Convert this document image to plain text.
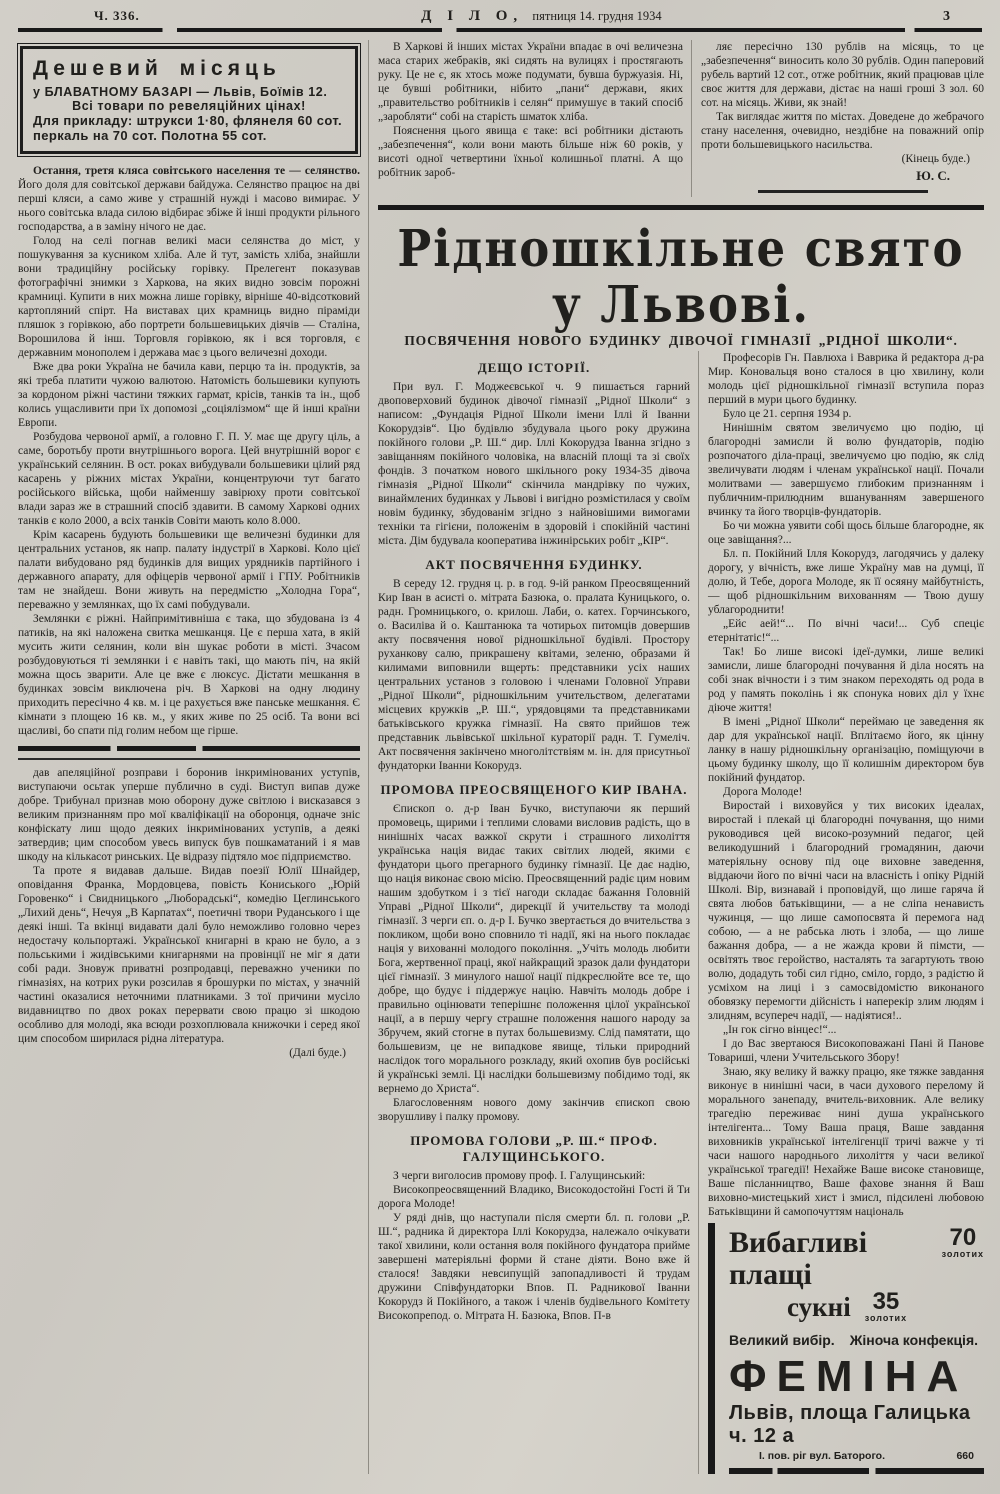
Ч. 336.	Д І Л О, пятниця 14. грудня 1934	3
Дешевий місяць
у БЛАВАТНОМУ БАЗАРІ — Львів, Боїмів 12.
Всі товари по ревеляційних цінах!
Для прикладу: штрукси 1·80, флянеля 60 сот.
перкаль на 70 сот. Полотна 55 сот.

Остання, третя кляса совітського населення те — селянство. Його доля для совітської держави байдужа. Селянство працює на дві перші кляси, а само живе у страшній нужді і масово вимирає. У нього совітська влада силою відбирає збіже й інші продукти рільного господарства, а в заміну нічого не дає.

Голод на селі погнав великі маси селянства до міст, у пошукування за кусником хліба. Але й тут, замість хліба, знайшли вони традиційну російську горівку. Прелегент показував фотографічні знимки з Харкова, на яких видно зовсім порожні крамниці. Купити в них можна лише горівку, вірніше 40-відсотковий картопляний спірт. На виставах цих крамниць видно піраміди пляшок з горівкою, або портрети большевицьких діячів — Сталіна, Ворошилова й інш. Торговля горівкою, як і вся торговля, є державним монополем і держава має з цього величезні доходи.

Вже два роки Україна не бачила кави, перцю та ін. продуктів, за які треба платити чужою валютою. Натомість большевики купують за кордоном ріжні частини тяжких гармат, крісів, танків та ін., щоб колись ущасливити при їх допомозі „соціялізмом“ ще й інші країни Европи.

Розбудова червоної армії, а головно Г. П. У. має ще другу ціль, а саме, боротьбу проти внутрішнього ворога. Цей внутрішній ворог є український селянин. В ост. роках вибудували большевики цілий ряд касарень у ріжних містах України, концентруючи тут багато російського війська, щоби найменшу завірюху проти совітської влади зараз же в страшний спосіб здавити. В самому Харкові одних танків є коло 2000, а всіх танків Совіти мають коло 8.000.

Крім касарень будують большевики ще величезні будинки для центральних установ, як напр. палату індустрії в Харкові. Коло цієї палати вибудовано ряд будинків для вищих урядників партійного і державного апарату, для офіцерів червоної армії і ГПУ. Робітників там не знайдеш. Вони живуть на передмістю „Холодна Гора“, переважно у землянках, що їх самі побудували.

Землянки є ріжні. Найпримітивніша є така, що збудована із 4 патиків, на які наложена свитка мешканця. Це є перша хата, в якій мусить жити селянин, коли він шукає роботи в місті. Зчасом розбудовуються ті землянки і є навіть такі, що мають піч, на якій можна щось зварити. Але це вже є люксус. Дістати мешкання в будинках зовсім виключена річ. В Харкові на одну людину приходить пересічно 4 кв. м. і це рахується вже панське мешкання. Є кімнати з площею 16 кв. м., у яких живе по 25 осіб. Та вони всі щасливі, бо спати під голим небом ще гірше.

дав апеляційної розправи і боронив інкримінованих уступів, виступаючи осьтак уперше публично в суді. Виступ випав дуже добре. Трибунал признав мою оборону дуже світлою і висказався з великим признанням про мої кваліфікації на оборонця, одначе зніс конфіскату лиш щодо деяких інкримінованих уступів, а деякі затвердив; цим способом увесь випуск був пошкаматаний і я мав шкоду на кількасот ринських. Це відразу підтяло моє підприємство.

Та проте я видавав дальше. Видав поезії Юлії Шнайдер, оповідання Франка, Мордовцева, повість Кониського „Юрій Горовенко“ і Свидницького „Люборадські“, комедію Цеглинського „Лихий день“, Нечуя „В Карпатах“, поетичні твори Руданського і ще деякі інші. Та вкінці видавати далі було неможливо головно через недостачу кольпортажі. Української книгарні в краю не було, а з польськими і жидівськими книгарнями на провінції не міг я дати собі ради. Зновуж приватні розпродавці, переважно ученики по гімназіях, на котрих руки розсилав я брошурки по містах, у значній частині оказалися неточними платниками. З тої причини мусіло видавництво по двох роках перервати свою працю зі шкодою особливо для молоді, яка всюди розхоплювала книжочки і серед якої цим способом ширилася рідна література.

(Далі буде.)

В Харкові й інших містах України впадає в очі величезна маса старих жебраків, які сидять на вулицях і простягають руку. Це не є, як хтось може подумати, бувша буржуазія. Ні, це бувші робітники, нібито „пани“ держави, яких „правительство робітників і селян“ примушує в такий спосіб „заробляти“ собі на старість шматок хліба.

Пояснення цього явища є таке: всі робітники дістають „забезпечення“, коли вони мають більше ніж 60 років, у висоті одної четвертини їхньої колишньої платні. А що робітник зароб-

ляє пересічно 130 рублів на місяць, то це „забезпечення“ виносить коло 30 рублів. Один паперовий рубель вартий 12 сот., отже робітник, який працював ціле своє життя для держави, дістає на наші гроші 3 зол. 60 сот. на місяць. Живи, як знай!

Так виглядає життя по містах. Доведене до жебрачого стану населення, очевидно, нездібне на поважний опір проти большевицького насильства.

(Кінець буде.)
Ю. С.
Рідношкільне свято у Львові.
ПОСВЯЧЕННЯ НОВОГО БУДИНКУ ДІВОЧОЇ ГІМНАЗІЇ „РІДНОЇ ШКОЛИ“.
ДЕЩО ІСТОРІЇ.

При вул. Г. Моджеєвської ч. 9 пишається гарний двоповерховий будинок дівочої гімназії „Рідної Школи“ з написом: „Фундація Рідної Школи імени Іллі й Іванни Кокорудзів“. Цю будівлю збудувала цього року дружина покійного голови „Р. Ш.“ дир. Іллі Кокорудза Іванна згідно з завіщанням покійного чоловіка, на власній площі та зі своїх фондів. З початком нового шкільного року 1934-35 дівоча гімназія „Рідної Школи“ скінчила мандрівку по чужих, винаймлених будинках у Львові і вигідно розмістилася у своїм новім будинку, збудованім згідно з найновішими вимогами техніки та гігієни, положенім в здоровій і спокійній частині міста. Дім будувала кооператива інжинірських робіт „КІР“.

АКТ ПОСВЯЧЕННЯ БУДИНКУ.

В середу 12. грудня ц. р. в год. 9-ій ранком Преосвященний Кир Іван в асисті о. мітрата Базюка, о. пралата Куницького, о. радн. Громницького, о. крилош. Лаби, о. катех. Горчинського, о. Василіва й о. Каштанюка та чотирьох питомців довершив акту посвячення нової рідношкільної будівлі. Простору руханкову салю, прикрашену квітами, зеленю, образами й килимами виповнили вщерть: представники усіх наших центральних установ з головою і членами Головної Управи „Рідної Школи“, рідношкільним учительством, делегатами місцевих кружків „Р. Ш.“, урядовцями та представниками батьківського кружка гімназії. На свято прийшов теж представник львівської шкільної кураторії радн. Т. Гумеліч. Акт посвячення закінчено многолітствіям м. ін. для присутньої фундаторки Іванни Кокорудз.

ПРОМОВА ПРЕОСВЯЩЕНОГО КИР ІВАНА.

Єпископ о. д-р Іван Бучко, виступаючи як перший промовець, щирими і теплими словами висловив радість, що в нинішніх часах важкої скрути і страшного лихоліття українська нація видає таких світлих людей, якими є фундатори цього прегарного будинку гімназії. Це дає надію, що нація виконає свою місію. Преосвященний радіє цим новим нашим здобутком і з тієї нагоди складає бажання Головній Управі „Рідної Школи“, дирекції й учительству та молоді гімназії. З черги єп. о. д-р І. Бучко звертається до вчительства з покликом, щоби воно сповнило ті надії, які на нього покладає нація у вихованні молодого покоління. „Учіть молодь любити Бога, жертвенної праці, якої найкращий зразок дали фундатори цієї гімназії. З минулого нашої нації підкреслюйте все те, що добре, що будує і піддержує націю. Навчіть молодь добре і правильно оцінювати теперішнє положення цілої української нації, а в першу чергу страшне положення нашого народу за Збручем, який стогне в путах большевизму. Слід памятати, що большевизм, це не випадкове явище, тільки природний наслідок того морального розкладу, який охопив був російські й українські землі. Ці наслідки большевизму побідимо тоді, як вернемо до Христа“.

Благословенням нового дому закінчив єпископ свою зворушливу і палку промову.

ПРОМОВА ГОЛОВИ „Р. Ш.“ ПРОФ. ГАЛУЩИНСЬКОГО.

З черги виголосив промову проф. І. Галущинський:

Високопреосвященний Владико, Високодостойні Гості й Ти дорога Молоде!

У ряді днів, що наступали після смерти бл. п. голови „Р. Ш.“, радника й директора Іллі Кокорудза, належало очікувати такої хвилини, коли остання воля покійного фундатора прийме завершені матеріяльні форми й стане діяти. Воно вже й сталося! Завдяки невсипущій запопадливості й трудам дружини Співфундаторки Впов. П. Радникової Іванни Кокорудз й Покійного, а також і членів будівельного Комітету Високопрепод. о. Мітрата Н. Базюка, Впов. П-в

Професорів Гн. Павлюха і Ваврика й редактора д-ра Мир. Коновальця воно сталося в цю хвилину, коли молодь цієї рідношкільної гімназії вступила пораз перший в мури цього будинку.

Було це 21. серпня 1934 р.

Нинішнім святом звеличуємо цю подію, ці благородні замисли й волю фундаторів, подію розпочатого діла-праці, звеличуємо цю подію, як слід звеличувати людям і членам української нації. Почали молитвами — завершуємо глибоким признанням і публичним-прилюдним вшануванням завершеного вчинку та його творців-фундаторів.

Бо чи можна уявити собі щось більше благородне, як оце завіщання?...

Бл. п. Покійний Ілля Кокорудз, лагодячись у далеку дорогу, у вічність, вже лише Україну мав на думці, її долю, й Тебе, дорога Молоде, як її осяяну майбутність, — щоб рідношкільним вихованням — Твою душу ублагороднити!

„Ейс аей!“... По вічні часи!... Суб спеціє етернітатіс!“...

Так! Бо лише високі ідеї-думки, лише великі замисли, лише благородні почування й діла носять на собі знак вічности і з тим знаком переходять од рода в род у память поколінь і як спонука нових діл у їхнє діюче життя!

В імені „Рідної Школи“ переймаю це заведення як дар для української нації. Вплітаємо його, як цінну ланку в нашу рідношкільну організацію, поміщуючи в цьому будинку школу, що її колишнім директором був покійний фундатор.

Дорога Молоде!

Виростай і виховуйся у тих високих ідеалах, виростай і плекай ці благородні почування, що ними руководився цей високо-розумний педагог, цей великодушний і благородний громадянин, даючи матеріяльну основу під оце виховне заведення, віддаючи його по вічні часи на власність і опіку Рідній Школі. Вір, визнавай і проповідуй, що лише гаряча й свята любов батьківщини, — а не сліпа ненависть чужинця, — що лише самопосвята й перемога над собою, — а не рабська лють і злоба, — що лише бажання добра, — а не жажда крови й пімсти, — освітять твоє геройство, насталять та загартують твою волю, додадуть тобі сил гідно, сміло, гордо, з радістю й усміхом на лиці і з самосвідомістю виконаного обовязку перемогти дійсність і наперекір злим людям і злидням, всупереч надії, — надіятися!..

„Ін гок сігно вінцес!“...

І до Вас звертаюся Високоповажані Пані й Панове Товариші, члени Учительського Збору!

Знаю, яку велику й важку працю, яке тяжке завдання виконує в нинішні часи, в часи духового перелому й морального занепаду, вчитель-виховник. Але велику трагедію переживає нині душа українського інтелігента... Тому Ваша праця, Ваше завдання виховників української інтелігенції тричі важче у ті часи нашого народнього лихоліття у часи великої української трагедії! Нехайже Ваше високе становище, Ваше післанництво, Ваше фахове знання й Ваш виховно-мистецький хист і змисл, підсилені любовою Батьківщини й самопочуттям національ

Вибагливі плащі
70
золотих
сукні 35
золотих
Великий вибір. Жіноча конфекція.
ФЕМІНА
Львів, площа Галицька ч. 12 а
І. пов. ріг вул. Баторого.	660
